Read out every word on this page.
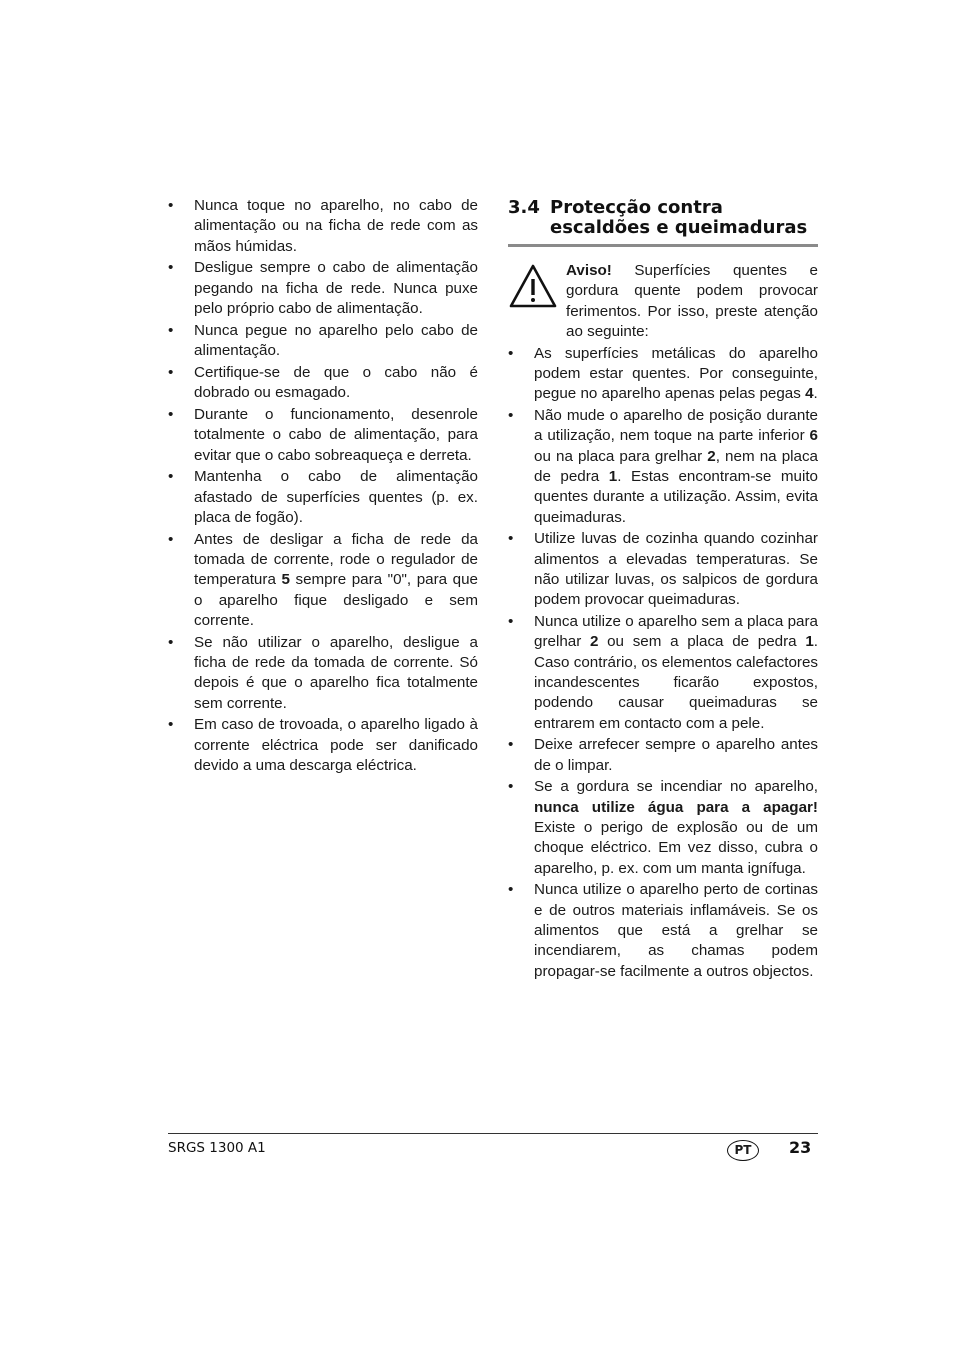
• Nunca toque no aparelho, no cabo de alimentação ou na ficha de rede com as mãos húmidas.
• Desligue sempre o cabo de alimentação pegando na ficha de rede. Nunca puxe pelo próprio cabo de alimentação.
• Nunca pegue no aparelho pelo cabo de alimentação.
• Certifique-se de que o cabo não é dobrado ou esmagado.
• Durante o funcionamento, desenrole totalmente o cabo de alimentação, para evitar que o cabo sobreaqueça e derreta.
• Mantenha o cabo de alimentação afastado de superfícies quentes (p. ex. placa de fogão).
• Antes de desligar a ficha de rede da tomada de corrente, rode o regulador de temperatura 5 sempre para "0", para que o aparelho fique desligado e sem corrente.
• Se não utilizar o aparelho, desligue a ficha de rede da tomada de corrente. Só depois é que o aparelho fica totalmente sem corrente.
• Em caso de trovoada, o aparelho ligado à corrente eléctrica pode ser danificado devido a uma descarga eléctrica.
3.4 Protecção contra escaldões e queimaduras
Aviso! Superfícies quentes e gordura quente podem provocar ferimentos. Por isso, preste atenção ao seguinte:
• As superfícies metálicas do aparelho podem estar quentes. Por conseguinte, pegue no aparelho apenas pelas pegas 4.
• Não mude o aparelho de posição durante a utilização, nem toque na parte inferior 6 ou na placa para grelhar 2, nem na placa de pedra 1. Estas encontram-se muito quentes durante a utilização. Assim, evita queimaduras.
• Utilize luvas de cozinha quando cozinhar alimentos a elevadas temperaturas. Se não utilizar luvas, os salpicos de gordura podem provocar queimaduras.
• Nunca utilize o aparelho sem a placa para grelhar 2 ou sem a placa de pedra 1. Caso contrário, os elementos calefactores incandescentes ficarão expostos, podendo causar queimaduras se entrarem em contacto com a pele.
• Deixe arrefecer sempre o aparelho antes de o limpar.
• Se a gordura se incendiar no aparelho, nunca utilize água para a apagar! Existe o perigo de explosão ou de um choque eléctrico. Em vez disso, cubra o aparelho, p. ex. com um manta ignífuga.
• Nunca utilize o aparelho perto de cortinas e de outros materiais inflamáveis. Se os alimentos que está a grelhar se incendiarem, as chamas podem propagar-se facilmente a outros objectos.
SRGS 1300 A1	PT	23
